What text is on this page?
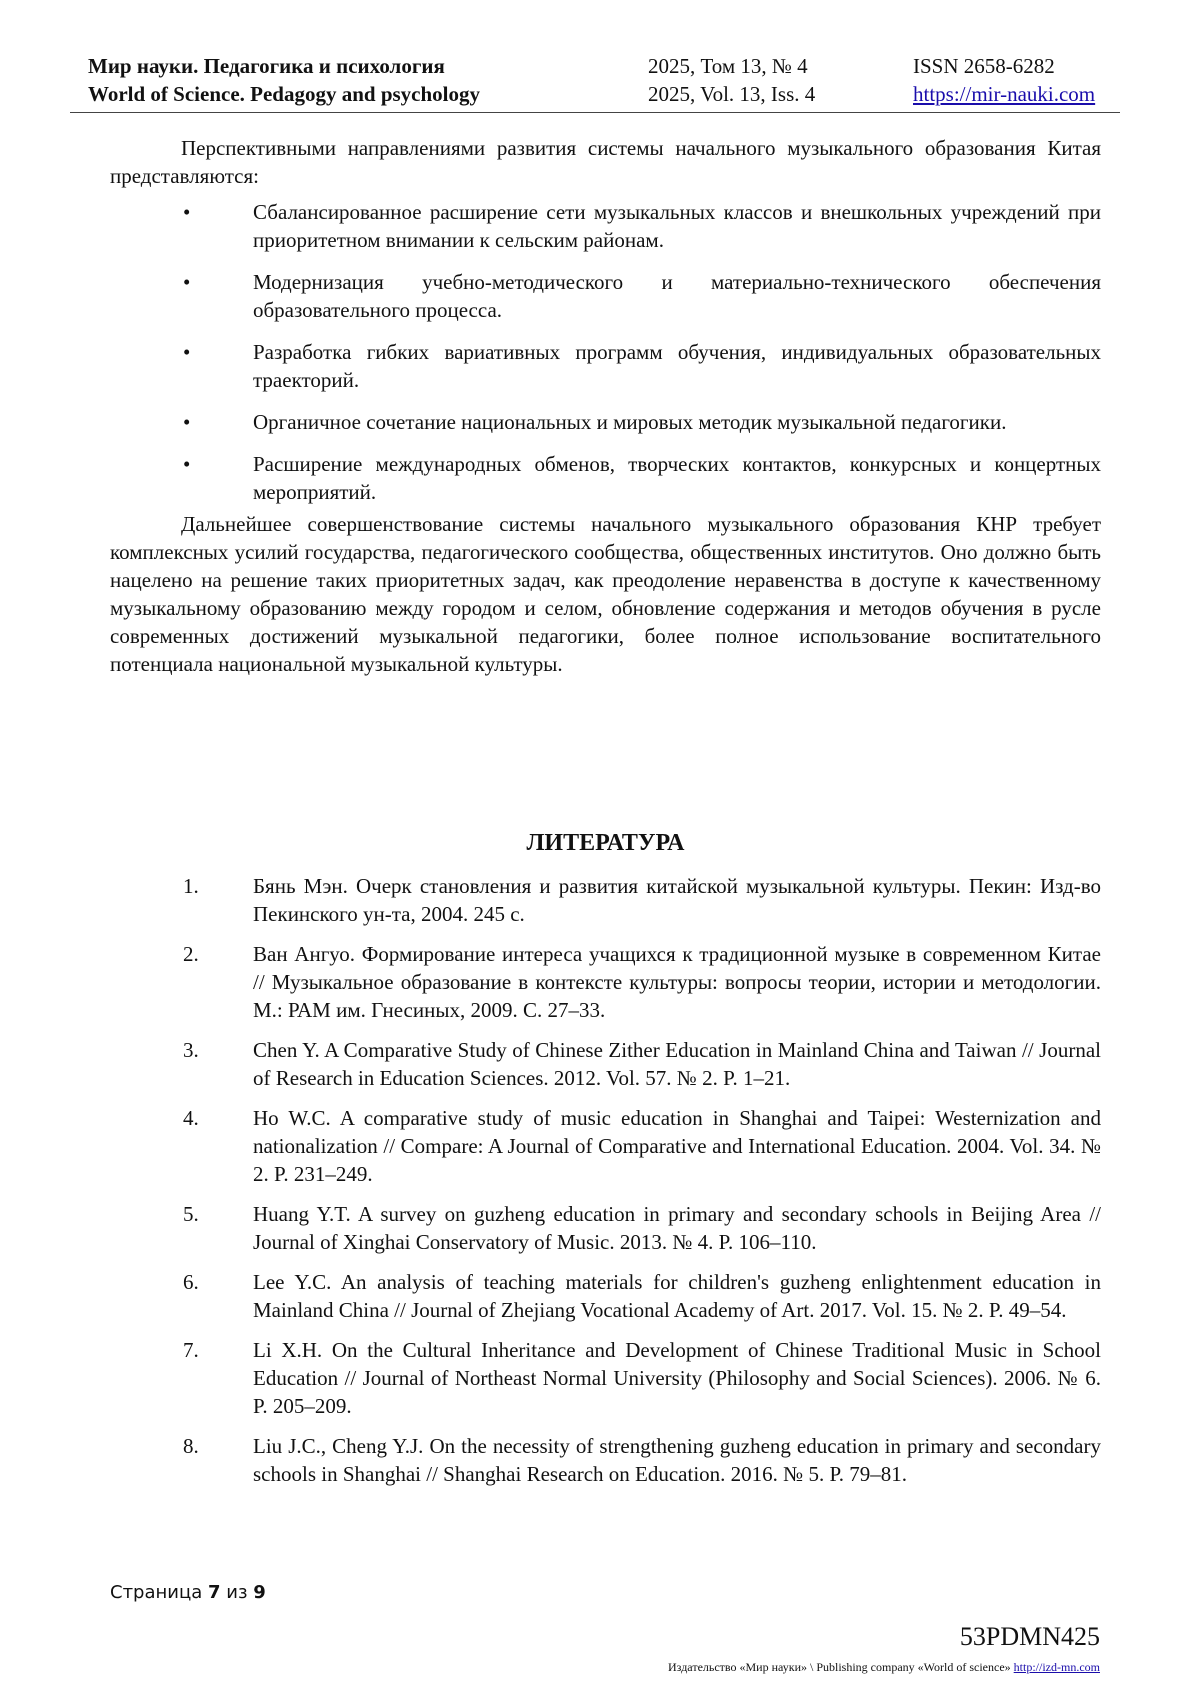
Мир науки. Педагогика и психология
World of Science. Pedagogy and psychology
2025, Том 13, № 4
2025, Vol. 13, Iss. 4
ISSN 2658-6282
https://mir-nauki.com

Перспективными направлениями развития системы начального музыкального образования Китая представляются:

•	Сбалансированное расширение сети музыкальных классов и внешкольных учреждений при приоритетном внимании к сельским районам.
•	Модернизация учебно-методического и материально-технического обеспечения образовательного процесса.
•	Разработка гибких вариативных программ обучения, индивидуальных образовательных траекторий.
•	Органичное сочетание национальных и мировых методик музыкальной педагогики.
•	Расширение международных обменов, творческих контактов, конкурсных и концертных мероприятий.

Дальнейшее совершенствование системы начального музыкального образования КНР требует комплексных усилий государства, педагогического сообщества, общественных институтов. Оно должно быть нацелено на решение таких приоритетных задач, как преодоление неравенства в доступе к качественному музыкальному образованию между городом и селом, обновление содержания и методов обучения в русле современных достижений музыкальной педагогики, более полное использование воспитательного потенциала национальной музыкальной культуры.

ЛИТЕРАТУРА
1.	Бянь Мэн. Очерк становления и развития китайской музыкальной культуры. Пекин: Изд-во Пекинского ун-та, 2004. 245 с.
2.	Ван Ангуо. Формирование интереса учащихся к традиционной музыке в современном Китае // Музыкальное образование в контексте культуры: вопросы теории, истории и методологии. М.: РАМ им. Гнесиных, 2009. С. 27–33.
3.	Chen Y. A Comparative Study of Chinese Zither Education in Mainland China and Taiwan // Journal of Research in Education Sciences. 2012. Vol. 57. № 2. P. 1–21.
4.	Ho W.C. A comparative study of music education in Shanghai and Taipei: Westernization and nationalization // Compare: A Journal of Comparative and International Education. 2004. Vol. 34. № 2. P. 231–249.
5.	Huang Y.T. A survey on guzheng education in primary and secondary schools in Beijing Area // Journal of Xinghai Conservatory of Music. 2013. № 4. P. 106–110.
6.	Lee Y.C. An analysis of teaching materials for children's guzheng enlightenment education in Mainland China // Journal of Zhejiang Vocational Academy of Art. 2017. Vol. 15. № 2. P. 49–54.
7.	Li X.H. On the Cultural Inheritance and Development of Chinese Traditional Music in School Education // Journal of Northeast Normal University (Philosophy and Social Sciences). 2006. № 6. P. 205–209.
8.	Liu J.C., Cheng Y.J. On the necessity of strengthening guzheng education in primary and secondary schools in Shanghai // Shanghai Research on Education. 2016. № 5. P. 79–81.
Страница 7 из 9
53PDMN425
Издательство «Мир науки» \ Publishing company «World of science» http://izd-mn.com
